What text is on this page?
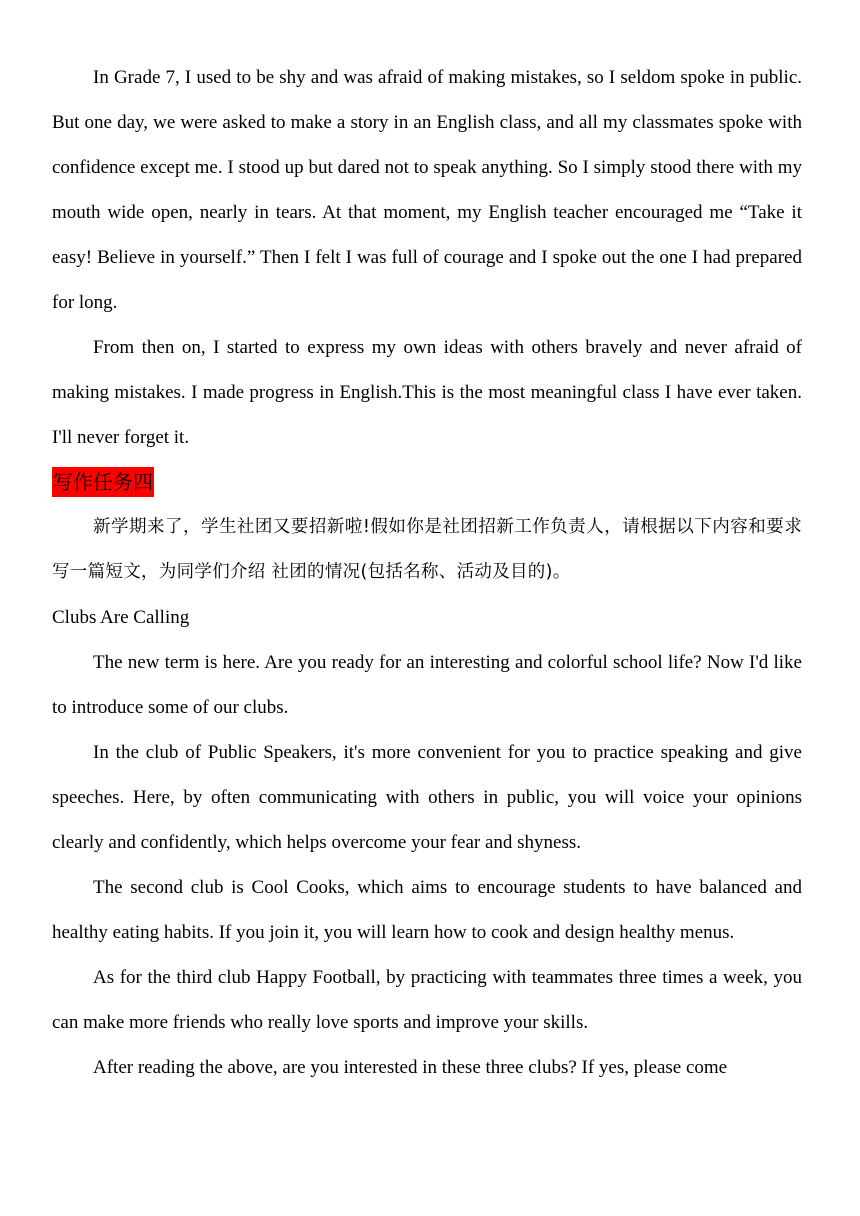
In Grade 7, I used to be shy and was afraid of making mistakes, so I seldom spoke in public. But one day, we were asked to make a story in an English class, and all my classmates spoke with confidence except me. I stood up but dared not to speak anything. So I simply stood there with my mouth wide open, nearly in tears. At that moment, my English teacher encouraged me “Take it easy! Believe in yourself.” Then I felt I was full of courage and I spoke out the one I had prepared for long.

From then on, I started to express my own ideas with others bravely and never afraid of making mistakes. I made progress in English.This is the most meaningful class I have ever taken. I'll never forget it.

写作任务四

新学期来了，学生社团又要招新啦!假如你是社团招新工作负责人，请根据以下内容和要求写一篇短文，为同学们介绍 社团的情况(包括名称、活动及目的)。

Clubs Are Calling

The new term is here. Are you ready for an interesting and colorful school life? Now I'd like to introduce some of our clubs.

In the club of Public Speakers, it's more convenient for you to practice speaking and give speeches. Here, by often communicating with others in public, you will voice your opinions clearly and confidently, which helps overcome your fear and shyness.

The second club is Cool Cooks, which aims to encourage students to have balanced and healthy eating habits. If you join it, you will learn how to cook and design healthy menus.

As for the third club Happy Football, by practicing with teammates three times a week, you can make more friends who really love sports and improve your skills.

After reading the above, are you interested in these three clubs? If yes, please come
